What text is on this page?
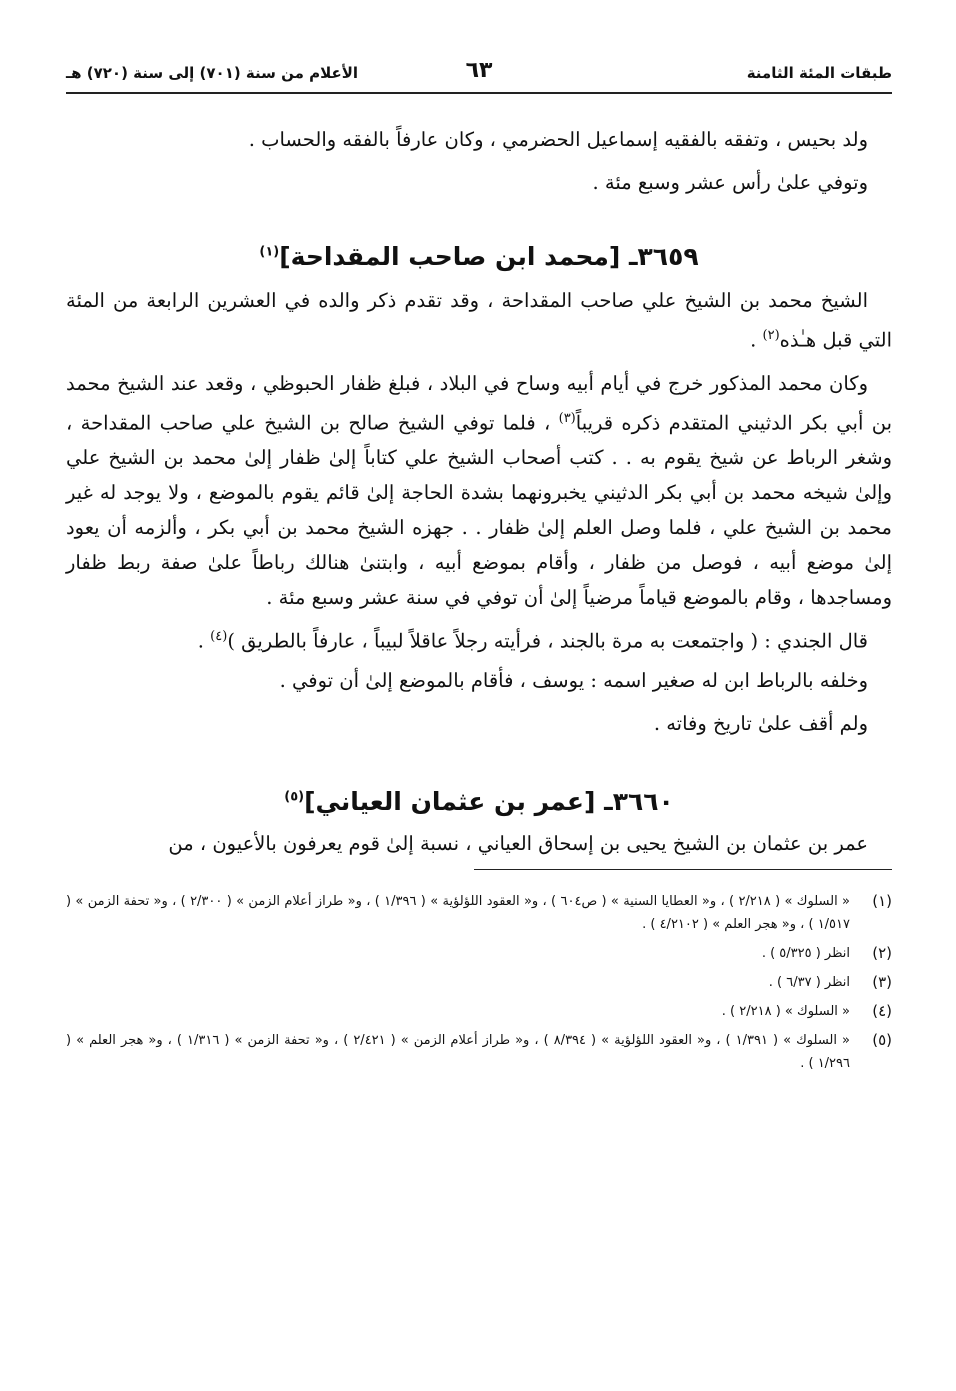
طبقات المئة الثامنة
٦٣
الأعلام من سنة (٧٠١) إلى سنة (٧٢٠) هـ

ولد بحيس ، وتفقه بالفقيه إسماعيل الحضرمي ، وكان عارفاً بالفقه والحساب .

وتوفي علىٰ رأس عشر وسبع مئة .

٣٦٥٩ـ [محمد ابن صاحب المقداحة]$^{(١)}$

الشيخ محمد بن الشيخ علي صاحب المقداحة ، وقد تقدم ذكر والده في العشرين الرابعة من المئة التي قبل هـٰذه$^{(٢)}$ .

وكان محمد المذكور خرج في أيام أبيه وساح في البلاد ، فبلغ ظفار الحبوظي ، وقعد عند الشيخ محمد بن أبي بكر الدثيني المتقدم ذكره قريباً$^{(٣)}$ ، فلما توفي الشيخ صالح بن الشيخ علي صاحب المقداحة ، وشغر الرباط عن شيخ يقوم به . . كتب أصحاب الشيخ علي كتاباً إلىٰ ظفار إلىٰ محمد بن الشيخ علي وإلىٰ شيخه محمد بن أبي بكر الدثيني يخبرونهما بشدة الحاجة إلىٰ قائم يقوم بالموضع ، ولا يوجد له غير محمد بن الشيخ علي ، فلما وصل العلم إلىٰ ظفار . . جهزه الشيخ محمد بن أبي بكر ، وألزمه أن يعود إلىٰ موضع أبيه ، فوصل من ظفار ، وأقام بموضع أبيه ، وابتنىٰ هنالك رباطاً علىٰ صفة ربط ظفار ومساجدها ، وقام بالموضع قياماً مرضياً إلىٰ أن توفي في سنة عشر وسبع مئة .

قال الجندي : ( واجتمعت به مرة بالجند ، فرأيته رجلاً عاقلاً لبيباً ، عارفاً بالطريق )$^{(٤)}$ .

وخلفه بالرباط ابن له صغير اسمه : يوسف ، فأقام بالموضع إلىٰ أن توفي .

ولم أقف علىٰ تاريخ وفاته .

٣٦٦٠ـ [عمر بن عثمان العياني]$^{(٥)}$

عمر بن عثمان بن الشيخ يحيى بن إسحاق العياني ، نسبة إلىٰ قوم يعرفون بالأعيون ، من

(١)
« السلوك » ( ٢/٢١٨ ) ، و« العطايا السنية » ( ص٦٠٤ ) ، و« العقود اللؤلؤية » ( ١/٣٩٦ ) ، و« طراز أعلام الزمن » ( ٢/٣٠٠ ) ، و« تحفة الزمن » ( ١/٥١٧ ) ، و« هجر العلم » ( ٤/٢١٠٢ ) .
(٢)
انظر ( ٥/٣٢٥ ) .
(٣)
انظر ( ٦/٣٧ ) .
(٤)
« السلوك » ( ٢/٢١٨ ) .
(٥)
« السلوك » ( ١/٣٩١ ) ، و« العقود اللؤلؤية » ( ٨/٣٩٤ ) ، و« طراز أعلام الزمن » ( ٢/٤٢١ ) ، و« تحفة الزمن » ( ١/٣١٦ ) ، و« هجر العلم » ( ١/٢٩٦ ) .
